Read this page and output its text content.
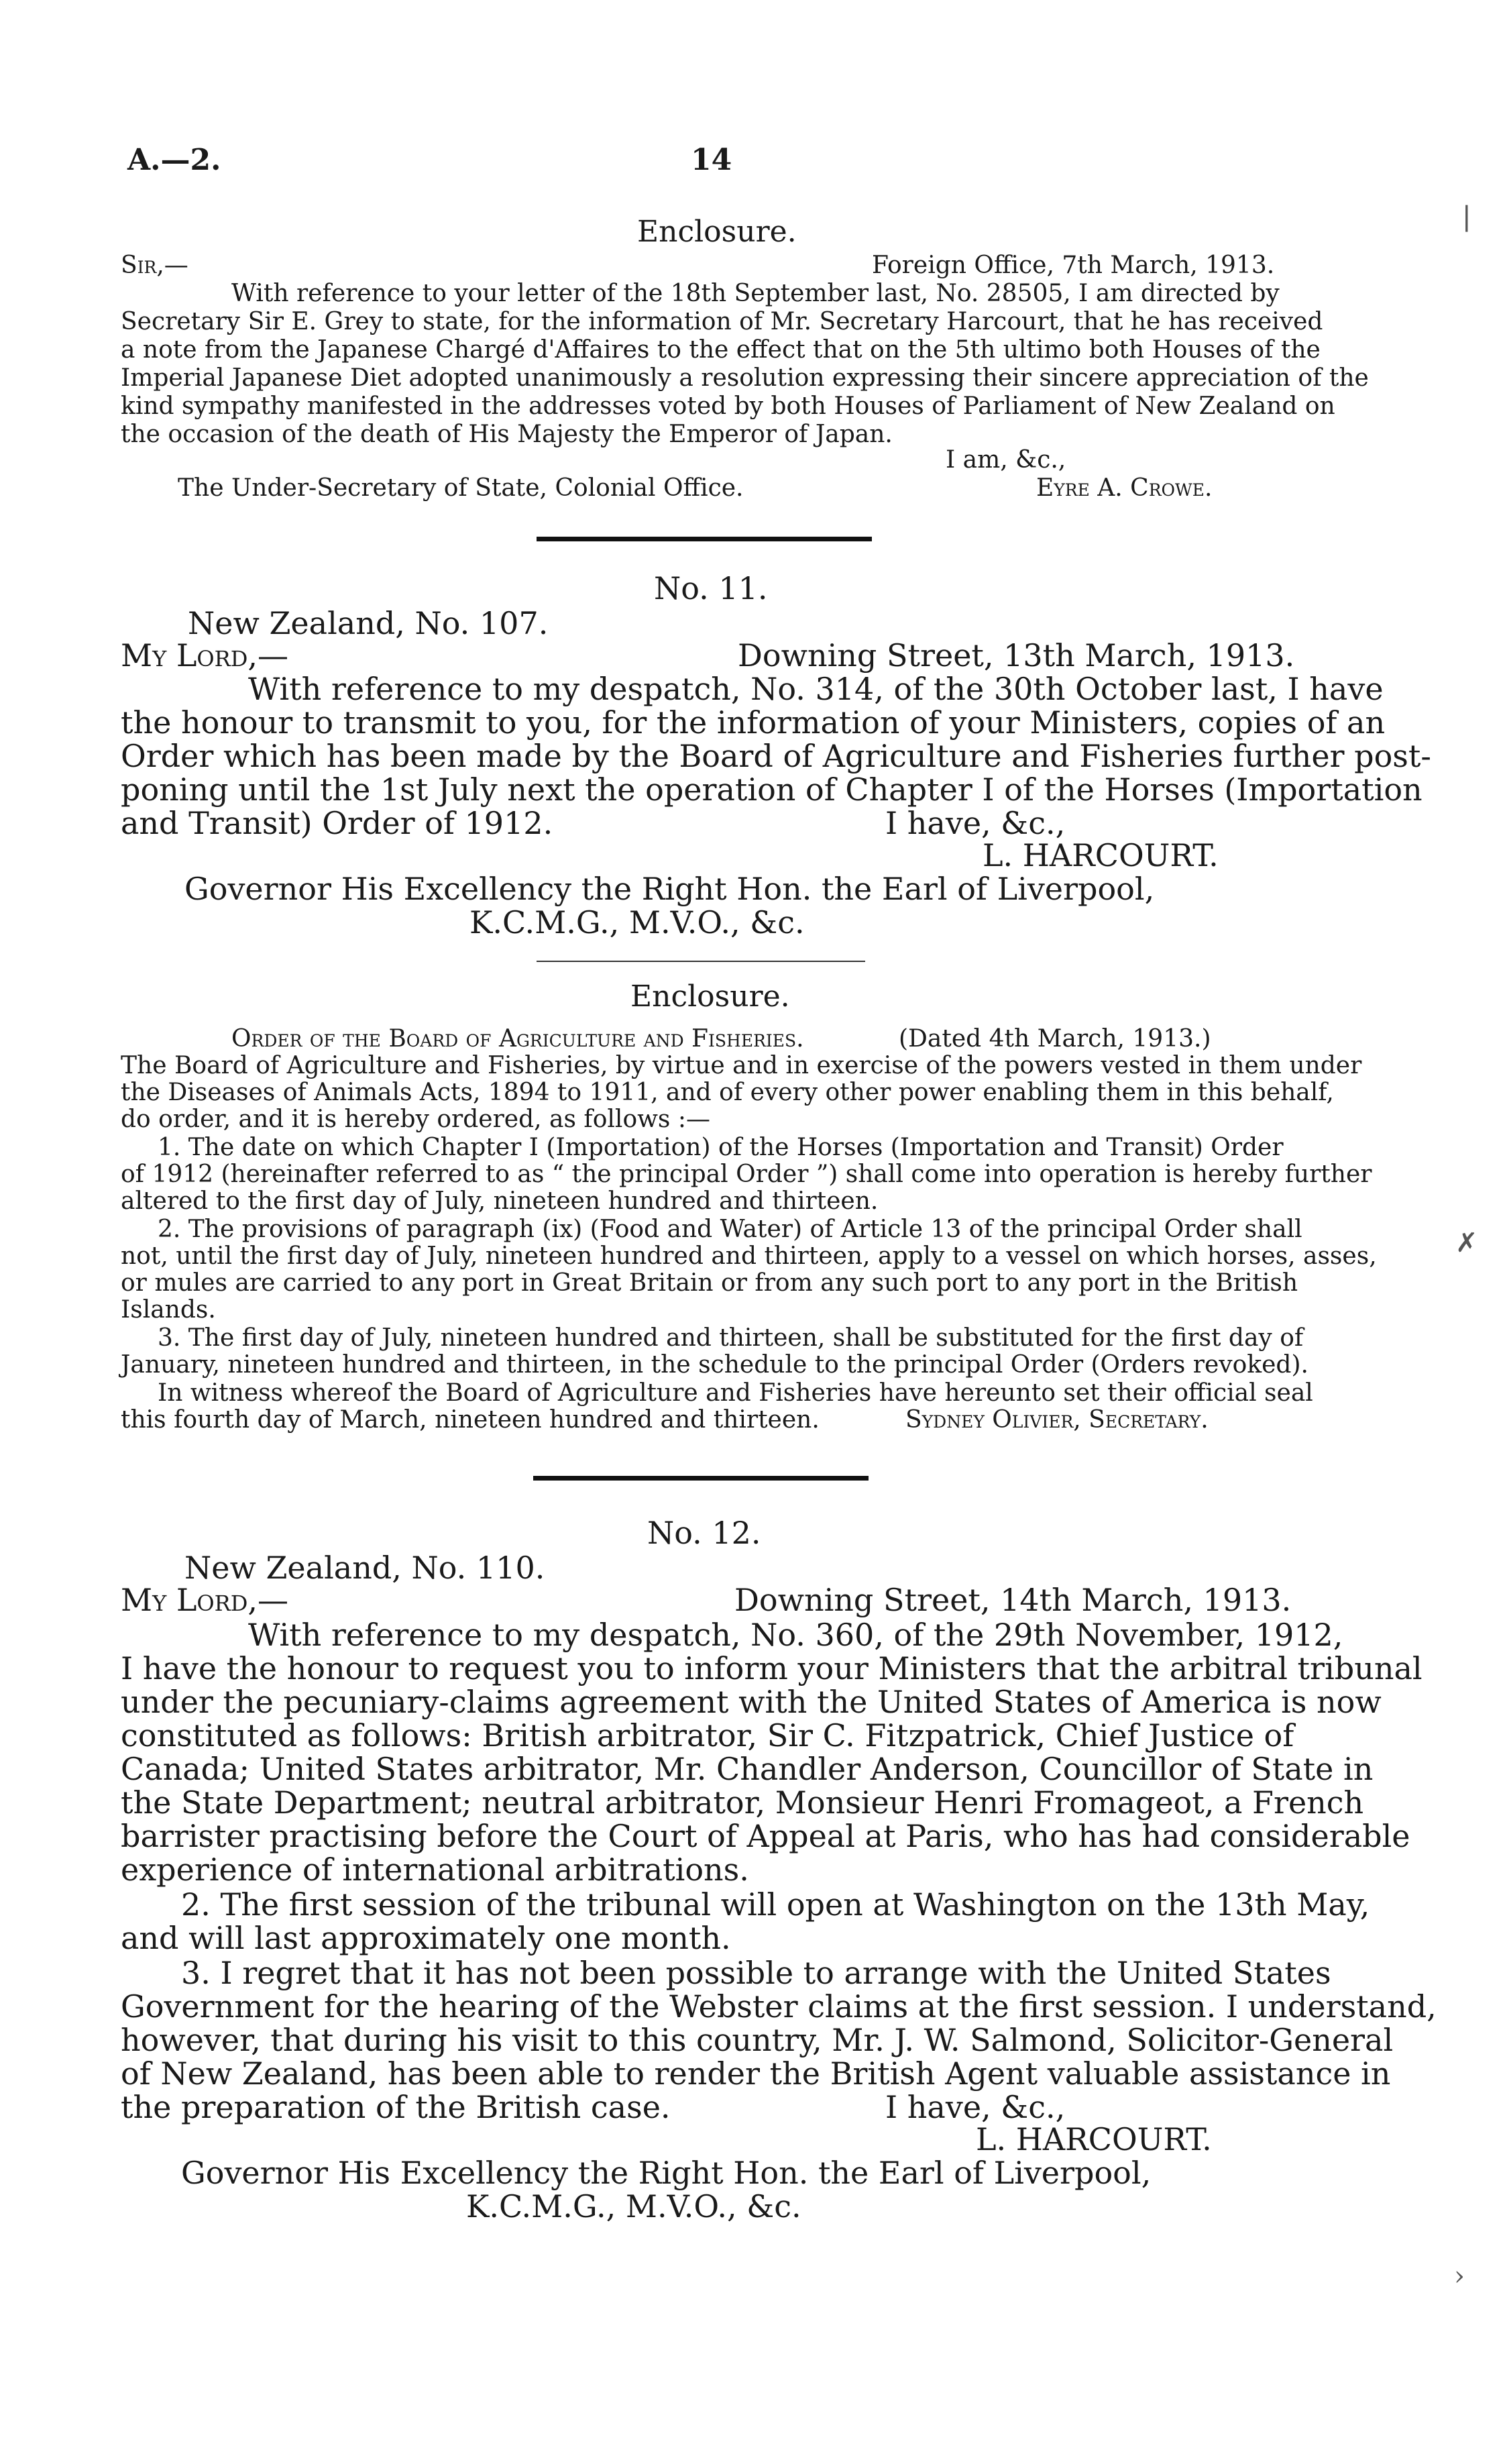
A.—2.	14
❘
Enclosure.
Sir,—	Foreign Office, 7th March, 1913.
With reference to your letter of the 18th September last, No. 28505, I am directed by
Secretary Sir E. Grey to state, for the information of Mr. Secretary Harcourt, that he has received
a note from the Japanese Chargé d'Affaires to the effect that on the 5th ultimo both Houses of the
Imperial Japanese Diet adopted unanimously a resolution expressing their sincere appreciation of the
kind sympathy manifested in the addresses voted by both Houses of Parliament of New Zealand on
the occasion of the death of His Majesty the Emperor of Japan.
I am, &c.,
The Under-Secretary of State, Colonial Office.	Eyre A. Crowe.
No. 11.
New Zealand, No. 107.
My Lord,—	Downing Street, 13th March, 1913.
With reference to my despatch, No. 314, of the 30th October last, I have
the honour to transmit to you, for the information of your Ministers, copies of an
Order which has been made by the Board of Agriculture and Fisheries further post-
poning until the 1st July next the operation of Chapter I of the Horses (Importation
and Transit) Order of 1912.	I have, &c.,
L. HARCOURT.
Governor His Excellency the Right Hon. the Earl of Liverpool,
K.C.M.G., M.V.O., &c.
Enclosure.
Order of the Board of Agriculture and Fisheries.	(Dated 4th March, 1913.)
The Board of Agriculture and Fisheries, by virtue and in exercise of the powers vested in them under
the Diseases of Animals Acts, 1894 to 1911, and of every other power enabling them in this behalf,
do order, and it is hereby ordered, as follows :—
1. The date on which Chapter I (Importation) of the Horses (Importation and Transit) Order
of 1912 (hereinafter referred to as “ the principal Order ”) shall come into operation is hereby further
altered to the first day of July, nineteen hundred and thirteen.
2. The provisions of paragraph (ix) (Food and Water) of Article 13 of the principal Order shall
not, until the first day of July, nineteen hundred and thirteen, apply to a vessel on which horses, asses,
or mules are carried to any port in Great Britain or from any such port to any port in the British
Islands.
3. The first day of July, nineteen hundred and thirteen, shall be substituted for the first day of
January, nineteen hundred and thirteen, in the schedule to the principal Order (Orders revoked).
In witness whereof the Board of Agriculture and Fisheries have hereunto set their official seal
this fourth day of March, nineteen hundred and thirteen.	Sydney Olivier, Secretary.
✗
No. 12.
New Zealand, No. 110.
My Lord,—	Downing Street, 14th March, 1913.
With reference to my despatch, No. 360, of the 29th November, 1912,
I have the honour to request you to inform your Ministers that the arbitral tribunal
under the pecuniary-claims agreement with the United States of America is now
constituted as follows: British arbitrator, Sir C. Fitzpatrick, Chief Justice of
Canada; United States arbitrator, Mr. Chandler Anderson, Councillor of State in
the State Department; neutral arbitrator, Monsieur Henri Fromageot, a French
barrister practising before the Court of Appeal at Paris, who has had considerable
experience of international arbitrations.
2. The first session of the tribunal will open at Washington on the 13th May,
and will last approximately one month.
3. I regret that it has not been possible to arrange with the United States
Government for the hearing of the Webster claims at the first session. I understand,
however, that during his visit to this country, Mr. J. W. Salmond, Solicitor-General
of New Zealand, has been able to render the British Agent valuable assistance in
the preparation of the British case.	I have, &c.,
L. HARCOURT.
Governor His Excellency the Right Hon. the Earl of Liverpool,
K.C.M.G., M.V.O., &c.
›
